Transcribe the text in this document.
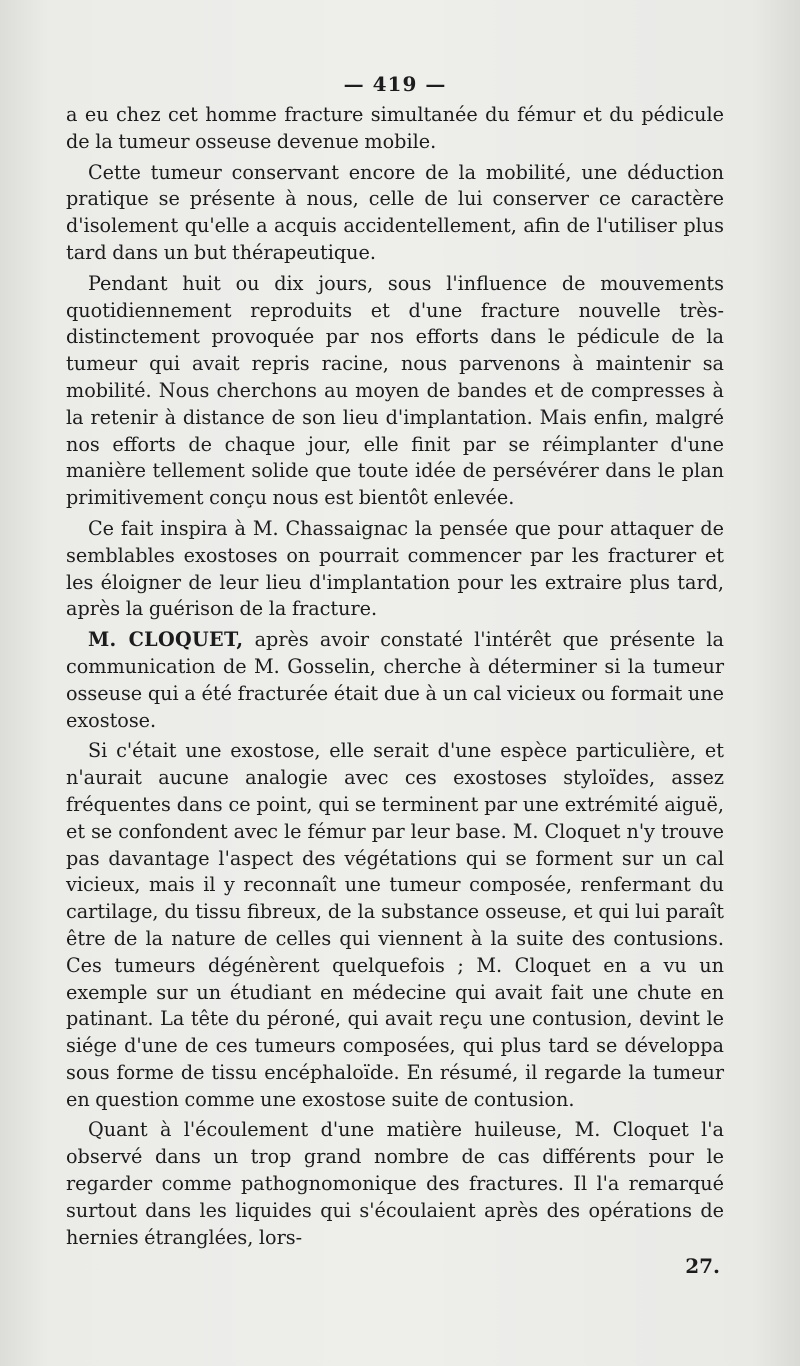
— 419 —

a eu chez cet homme fracture simultanée du fémur et du pédicule de la tumeur osseuse devenue mobile.

Cette tumeur conservant encore de la mobilité, une déduction pratique se présente à nous, celle de lui conserver ce caractère d'isolement qu'elle a acquis accidentellement, afin de l'utiliser plus tard dans un but thérapeutique.

Pendant huit ou dix jours, sous l'influence de mouvements quotidiennement reproduits et d'une fracture nouvelle très-distinctement provoquée par nos efforts dans le pédicule de la tumeur qui avait repris racine, nous parvenons à maintenir sa mobilité. Nous cherchons au moyen de bandes et de compresses à la retenir à distance de son lieu d'implantation. Mais enfin, malgré nos efforts de chaque jour, elle finit par se réimplanter d'une manière tellement solide que toute idée de persévérer dans le plan primitivement conçu nous est bientôt enlevée.

Ce fait inspira à M. Chassaignac la pensée que pour attaquer de semblables exostoses on pourrait commencer par les fracturer et les éloigner de leur lieu d'implantation pour les extraire plus tard, après la guérison de la fracture.

M. CLOQUET, après avoir constaté l'intérêt que présente la communication de M. Gosselin, cherche à déterminer si la tumeur osseuse qui a été fracturée était due à un cal vicieux ou formait une exostose.

Si c'était une exostose, elle serait d'une espèce particulière, et n'aurait aucune analogie avec ces exostoses styloïdes, assez fréquentes dans ce point, qui se terminent par une extrémité aiguë, et se confondent avec le fémur par leur base. M. Cloquet n'y trouve pas davantage l'aspect des végétations qui se forment sur un cal vicieux, mais il y reconnaît une tumeur composée, renfermant du cartilage, du tissu fibreux, de la substance osseuse, et qui lui paraît être de la nature de celles qui viennent à la suite des contusions. Ces tumeurs dégénèrent quelquefois ; M. Cloquet en a vu un exemple sur un étudiant en médecine qui avait fait une chute en patinant. La tête du péroné, qui avait reçu une contusion, devint le siége d'une de ces tumeurs composées, qui plus tard se développa sous forme de tissu encéphaloïde. En résumé, il regarde la tumeur en question comme une exostose suite de contusion.

Quant à l'écoulement d'une matière huileuse, M. Cloquet l'a observé dans un trop grand nombre de cas différents pour le regarder comme pathognomonique des fractures. Il l'a remarqué surtout dans les liquides qui s'écoulaient après des opérations de hernies étranglées, lors-

27.
